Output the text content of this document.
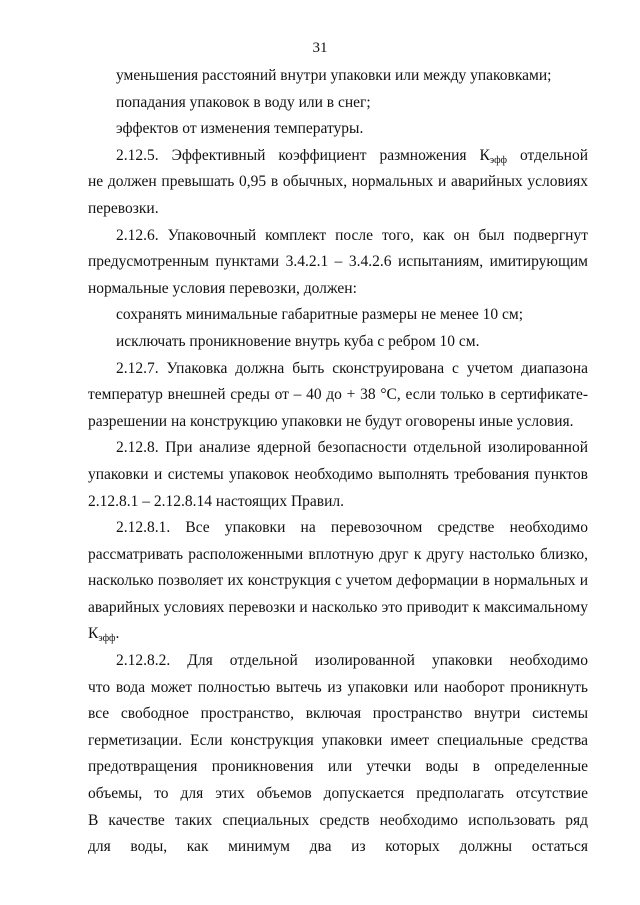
31
уменьшения расстояний внутри упаковки или между упаковками;
попадания упаковок в воду или в снег;
эффектов от изменения температуры.
2.12.5. Эффективный коэффициент размножения $К_{эфф}$ отдельной
не должен превышать 0,95 в обычных, нормальных и аварийных условиях
перевозки.
2.12.6. Упаковочный комплект после того, как он был подвергнут
предусмотренным пунктами 3.4.2.1 – 3.4.2.6 испытаниям, имитирующим
нормальные условия перевозки, должен:
сохранять минимальные габаритные размеры не менее 10 см;
исключать проникновение внутрь куба с ребром 10 см.
2.12.7. Упаковка должна быть сконструирована с учетом диапазона
температур внешней среды от – 40 до + 38 °С, если только в сертификате-
разрешении на конструкцию упаковки не будут оговорены иные условия.
2.12.8. При анализе ядерной безопасности отдельной изолированной
упаковки и системы упаковок необходимо выполнять требования пунктов
2.12.8.1 – 2.12.8.14 настоящих Правил.
2.12.8.1. Все упаковки на перевозочном средстве необходимо
рассматривать расположенными вплотную друг к другу настолько близко,
насколько позволяет их конструкция с учетом деформации в нормальных и
аварийных условиях перевозки и насколько это приводит к максимальному
$К_{эфф}$.
2.12.8.2. Для отдельной изолированной упаковки необходимо
что вода может полностью вытечь из упаковки или наоборот проникнуть
все свободное пространство, включая пространство внутри системы
герметизации. Если конструкция упаковки имеет специальные средства
предотвращения проникновения или утечки воды в определенные
объемы, то для этих объемов допускается предполагать отсутствие
В качестве таких специальных средств необходимо использовать ряд
для воды, как минимум два из которых должны остаться
